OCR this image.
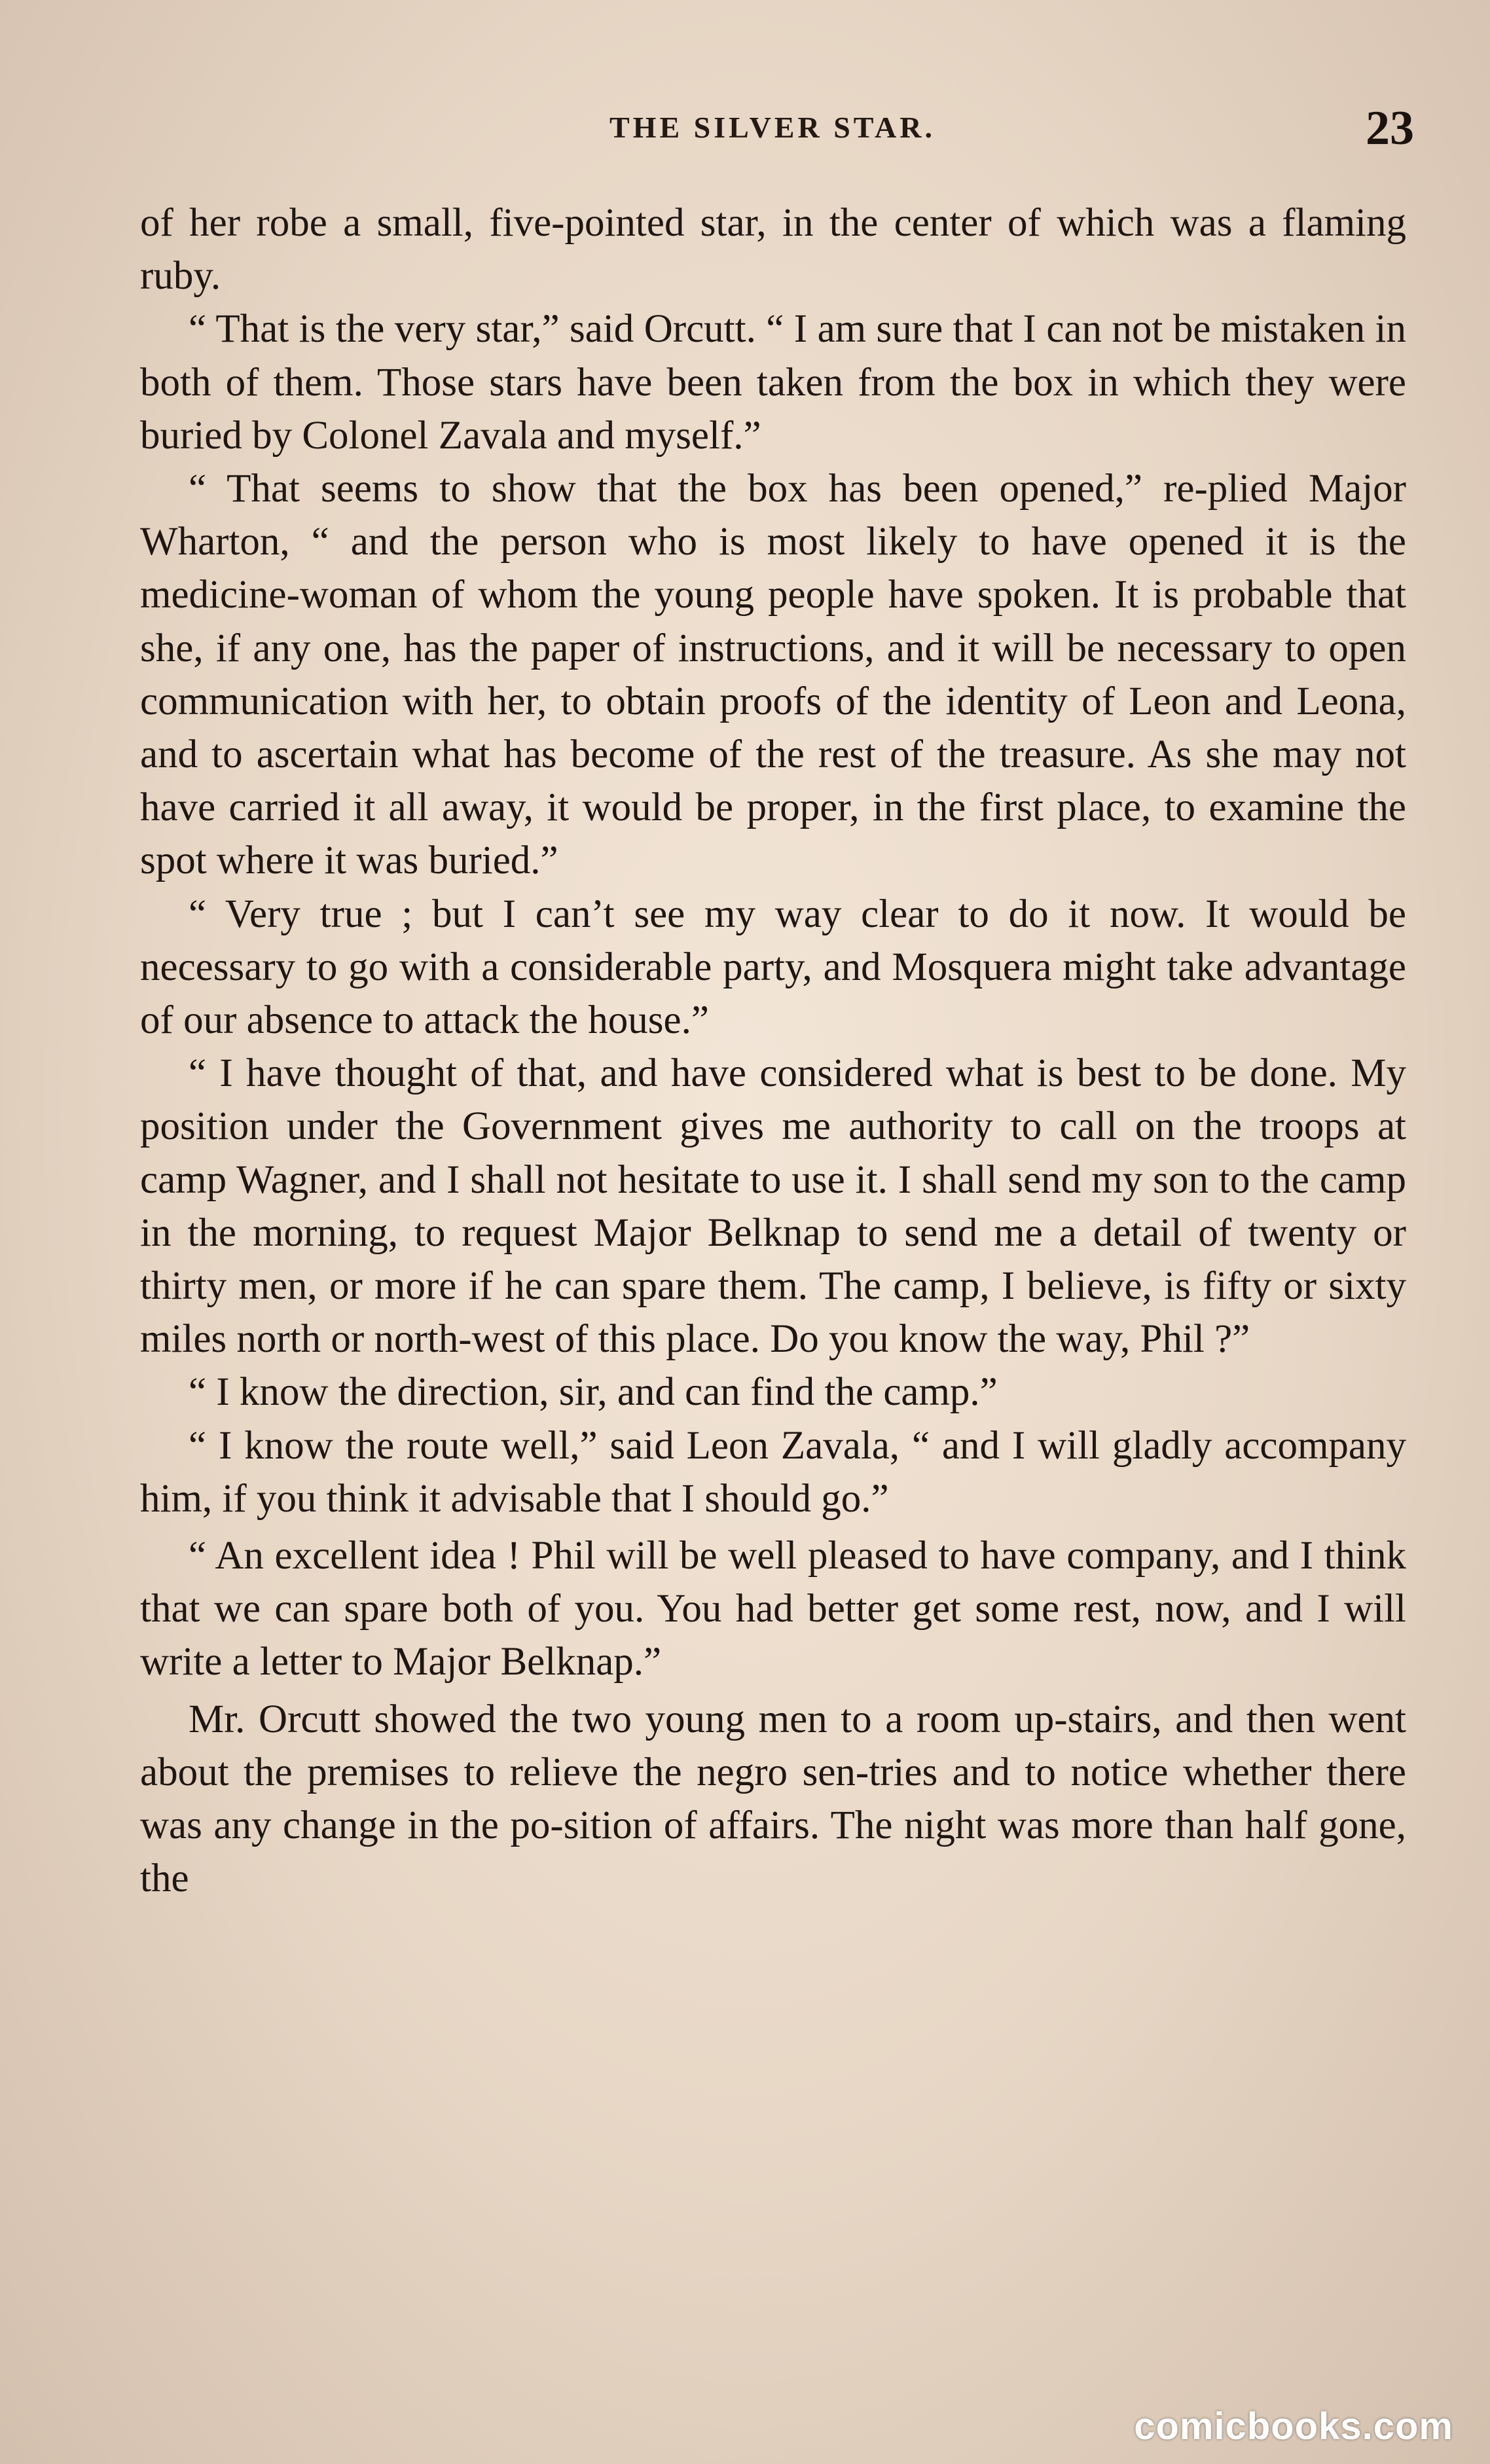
THE SILVER STAR.	23

of her robe a small, five-pointed star, in the center of which was a flaming ruby.

“ That is the very star,” said Orcutt. “ I am sure that I can not be mistaken in both of them. Those stars have been taken from the box in which they were buried by Colonel Zavala and myself.”

“ That seems to show that the box has been opened,” re-plied Major Wharton, “ and the person who is most likely to have opened it is the medicine-woman of whom the young people have spoken. It is probable that she, if any one, has the paper of instructions, and it will be necessary to open communication with her, to obtain proofs of the identity of Leon and Leona, and to ascertain what has become of the rest of the treasure. As she may not have carried it all away, it would be proper, in the first place, to examine the spot where it was buried.”

“ Very true ; but I can’t see my way clear to do it now. It would be necessary to go with a considerable party, and Mosquera might take advantage of our absence to attack the house.”

“ I have thought of that, and have considered what is best to be done. My position under the Government gives me authority to call on the troops at camp Wagner, and I shall not hesitate to use it. I shall send my son to the camp in the morning, to request Major Belknap to send me a detail of twenty or thirty men, or more if he can spare them. The camp, I believe, is fifty or sixty miles north or north-west of this place. Do you know the way, Phil ?”

“ I know the direction, sir, and can find the camp.”

“ I know the route well,” said Leon Zavala, “ and I will gladly accompany him, if you think it advisable that I should go.”

“ An excellent idea ! Phil will be well pleased to have company, and I think that we can spare both of you. You had better get some rest, now, and I will write a letter to Major Belknap.”

Mr. Orcutt showed the two young men to a room up-stairs, and then went about the premises to relieve the negro sen-tries and to notice whether there was any change in the po-sition of affairs. The night was more than half gone, the

comicbooks.com
